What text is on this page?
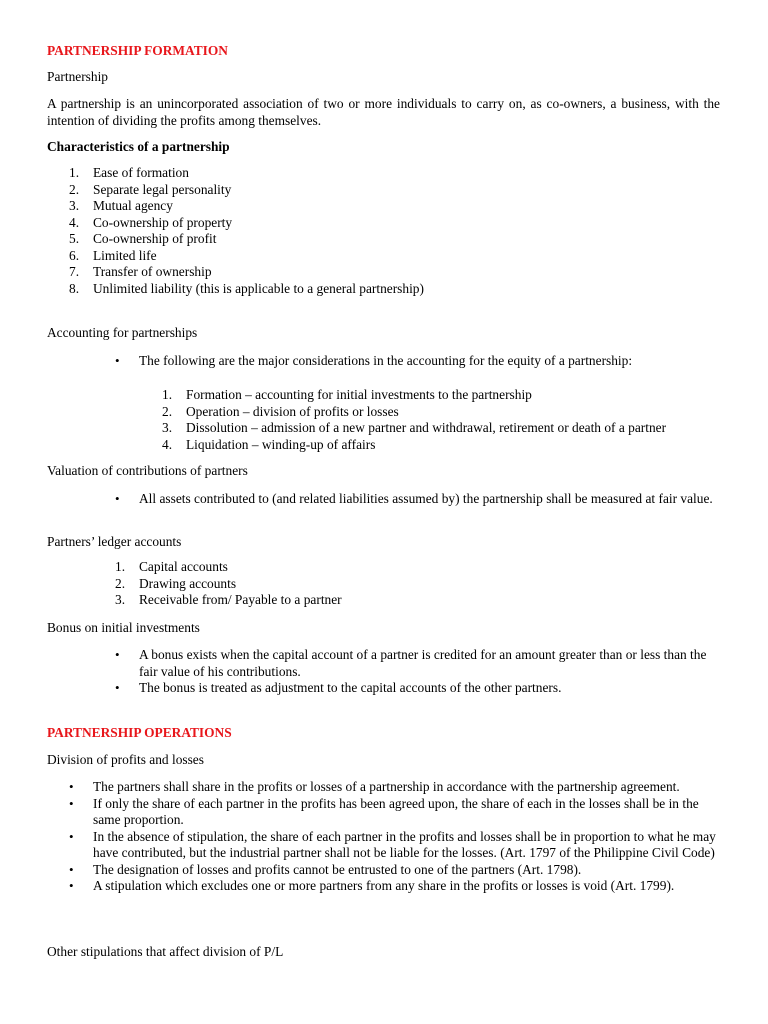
PARTNERSHIP FORMATION

Partnership

A partnership is an unincorporated association of two or more individuals to carry on, as co-owners, a business, with the intention of dividing the profits among themselves.

Characteristics of a partnership

1. Ease of formation
2. Separate legal personality
3. Mutual agency
4. Co-ownership of property
5. Co-ownership of profit
6. Limited life
7. Transfer of ownership
8. Unlimited liability (this is applicable to a general partnership)

Accounting for partnerships

• The following are the major considerations in the accounting for the equity of a partnership:
1. Formation – accounting for initial investments to the partnership
2. Operation – division of profits or losses
3. Dissolution – admission of a new partner and withdrawal, retirement or death of a partner
4. Liquidation – winding-up of affairs

Valuation of contributions of partners

• All assets contributed to (and related liabilities assumed by) the partnership shall be measured at fair value.

Partners’ ledger accounts

1. Capital accounts
2. Drawing accounts
3. Receivable from/ Payable to a partner

Bonus on initial investments

• A bonus exists when the capital account of a partner is credited for an amount greater than or less than the fair value of his contributions.
• The bonus is treated as adjustment to the capital accounts of the other partners.

PARTNERSHIP OPERATIONS

Division of profits and losses

• The partners shall share in the profits or losses of a partnership in accordance with the partnership agreement.
• If only the share of each partner in the profits has been agreed upon, the share of each in the losses shall be in the same proportion.
• In the absence of stipulation, the share of each partner in the profits and losses shall be in proportion to what he may have contributed, but the industrial partner shall not be liable for the losses. (Art. 1797 of the Philippine Civil Code)
• The designation of losses and profits cannot be entrusted to one of the partners (Art. 1798).
• A stipulation which excludes one or more partners from any share in the profits or losses is void (Art. 1799).

Other stipulations that affect division of P/L
